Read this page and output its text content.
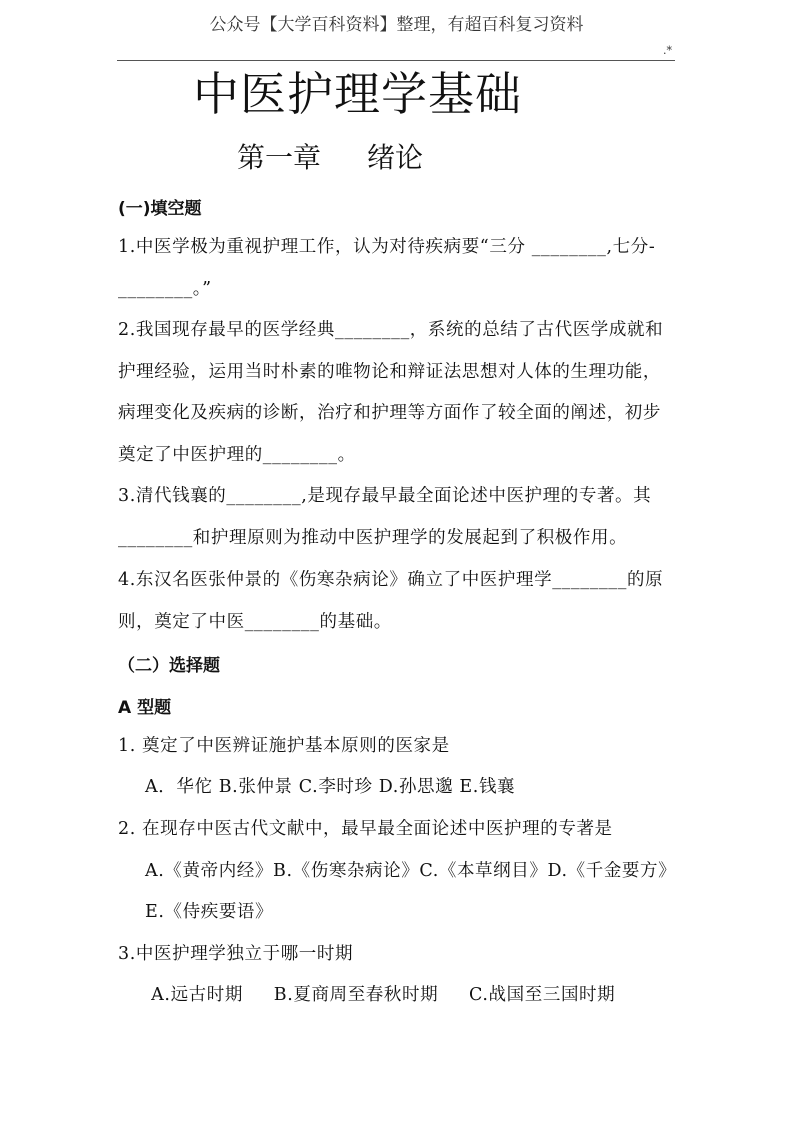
公众号【大学百科资料】整理，有超百科复习资料
.*
中医护理学基础
第一章 绪论
(一)填空题
1.中医学极为重视护理工作，认为对待疾病要“三分 ________,七分-
________。”
2.我国现存最早的医学经典________，系统的总结了古代医学成就和
护理经验，运用当时朴素的唯物论和辩证法思想对人体的生理功能，
病理变化及疾病的诊断，治疗和护理等方面作了较全面的阐述，初步
奠定了中医护理的________。
3.清代钱襄的________,是现存最早最全面论述中医护理的专著。其
________和护理原则为推动中医护理学的发展起到了积极作用。
4.东汉名医张仲景的《伤寒杂病论》确立了中医护理学________的原
则，奠定了中医________的基础。
（二）选择题
A 型题
1. 奠定了中医辨证施护基本原则的医家是
A．华佗 B.张仲景 C.李时珍 D.孙思邈 E.钱襄
2. 在现存中医古代文献中，最早最全面论述中医护理的专著是
A.《黄帝内经》B.《伤寒杂病论》C.《本草纲目》D.《千金要方》
E.《侍疾要语》
3.中医护理学独立于哪一时期
A.远古时期     B.夏商周至春秋时期     C.战国至三国时期
